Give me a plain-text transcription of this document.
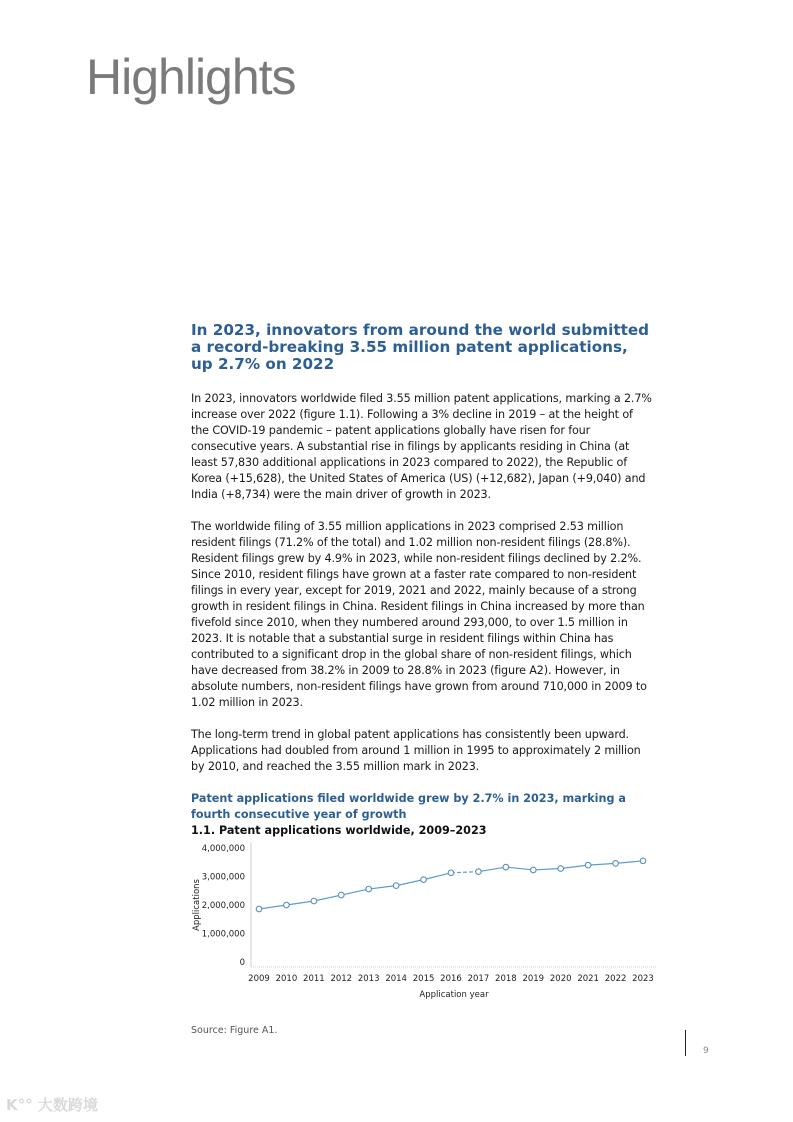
Highlights
In 2023, innovators from around the world submitted a record-breaking 3.55 million patent applications, up 2.7% on 2022

In 2023, innovators worldwide filed 3.55 million patent applications, marking a 2.7% increase over 2022 (figure 1.1). Following a 3% decline in 2019 – at the height of the COVID-19 pandemic – patent applications globally have risen for four consecutive years. A substantial rise in filings by applicants residing in China (at least 57,830 additional applications in 2023 compared to 2022), the Republic of Korea (+15,628), the United States of America (US) (+12,682), Japan (+9,040) and India (+8,734) were the main driver of growth in 2023.

The worldwide filing of 3.55 million applications in 2023 comprised 2.53 million resident filings (71.2% of the total) and 1.02 million non-resident filings (28.8%). Resident filings grew by 4.9% in 2023, while non-resident filings declined by 2.2%. Since 2010, resident filings have grown at a faster rate compared to non-resident filings in every year, except for 2019, 2021 and 2022, mainly because of a strong growth in resident filings in China. Resident filings in China increased by more than fivefold since 2010, when they numbered around 293,000, to over 1.5 million in 2023. It is notable that a substantial surge in resident filings within China has contributed to a significant drop in the global share of non-resident filings, which have decreased from 38.2% in 2009 to 28.8% in 2023 (figure A2). However, in absolute numbers, non-resident filings have grown from around 710,000 in 2009 to 1.02 million in 2023.

The long-term trend in global patent applications has consistently been upward. Applications had doubled from around 1 million in 1995 to approximately 2 million by 2010, and reached the 3.55 million mark in 2023.

Patent applications filed worldwide grew by 2.7% in 2023, marking a fourth consecutive year of growth

1.1. Patent applications worldwide, 2009–2023

0
1,000,000
2,000,000
3,000,000
4,000,000
2009 2010 2011 2012 2013 2014 2015 2016 2017 2018 2019 2020 2021 2022 2023
Application year
Applications
Source: Figure A1.
9
K°° 大数跨境
